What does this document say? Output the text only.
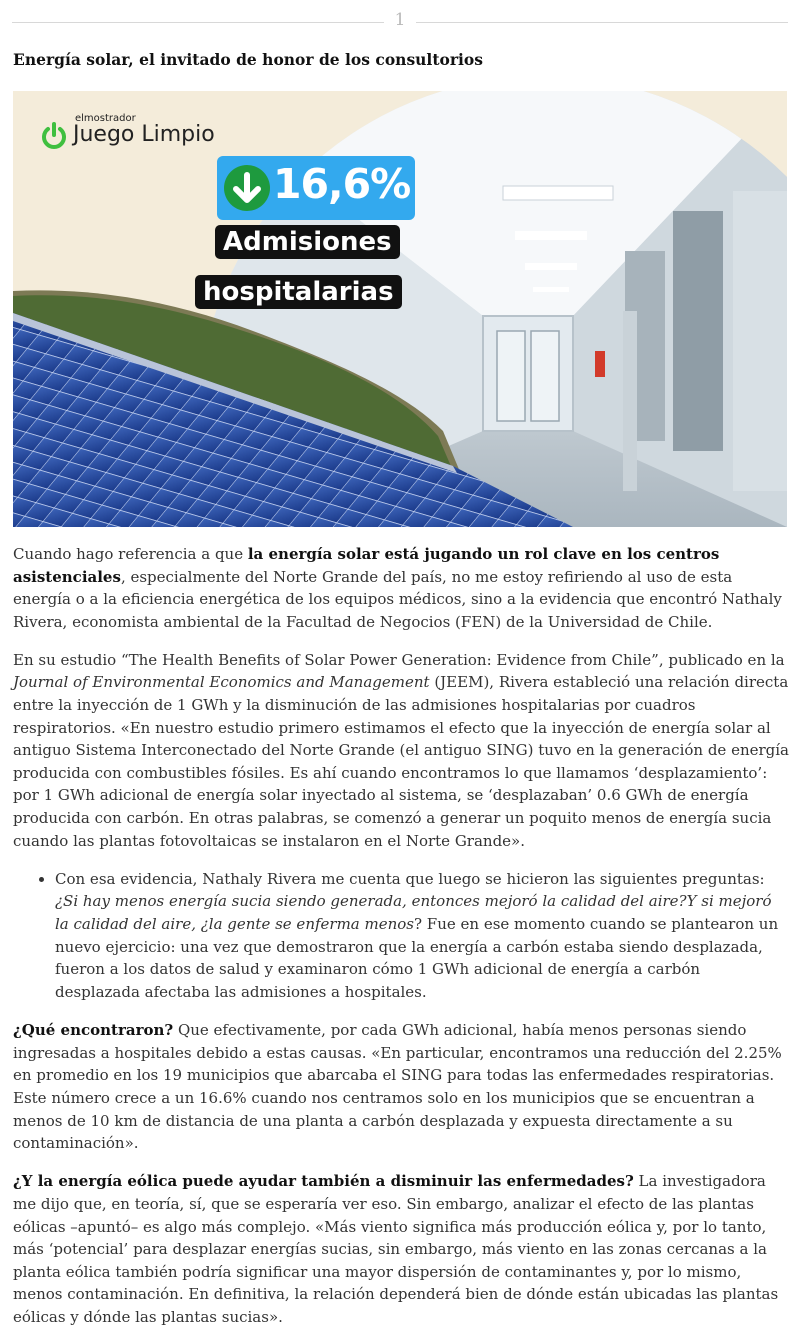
1
Energía solar, el invitado de honor de los consultorios
elmostrador
Juego Limpio
16,6%
Admisiones
hospitalarias

Cuando hago referencia a que la energía solar está jugando un rol clave en los centros asistenciales, especialmente del Norte Grande del país, no me estoy refiriendo al uso de esta energía o a la eficiencia energética de los equipos médicos, sino a la evidencia que encontró Nathaly Rivera, economista ambiental de la Facultad de Negocios (FEN) de la Universidad de Chile.

En su estudio “The Health Benefits of Solar Power Generation: Evidence from Chile”, publicado en la Journal of Environmental Economics and Management (JEEM), Rivera estableció una relación directa entre la inyección de 1 GWh y la disminución de las admisiones hospitalarias por cuadros respiratorios. «En nuestro estudio primero estimamos el efecto que la inyección de energía solar al antiguo Sistema Interconectado del Norte Grande (el antiguo SING) tuvo en la generación de energía producida con combustibles fósiles. Es ahí cuando encontramos lo que llamamos ‘desplazamiento’: por 1 GWh adicional de energía solar inyectado al sistema, se ‘desplazaban’ 0.6 GWh de energía producida con carbón. En otras palabras, se comenzó a generar un poquito menos de energía sucia cuando las plantas fotovoltaicas se instalaron en el Norte Grande».

• Con esa evidencia, Nathaly Rivera me cuenta que luego se hicieron las siguientes preguntas: ¿Si hay menos energía sucia siendo generada, entonces mejoró la calidad del aire?Y si mejoró la calidad del aire, ¿la gente se enferma menos? Fue en ese momento cuando se plantearon un nuevo ejercicio: una vez que demostraron que la energía a carbón estaba siendo desplazada, fueron a los datos de salud y examinaron cómo 1 GWh adicional de energía a carbón desplazada afectaba las admisiones a hospitales.

¿Qué encontraron? Que efectivamente, por cada GWh adicional, había menos personas siendo ingresadas a hospitales debido a estas causas. «En particular, encontramos una reducción del 2.25% en promedio en los 19 municipios que abarcaba el SING para todas las enfermedades respiratorias. Este número crece a un 16.6% cuando nos centramos solo en los municipios que se encuentran a menos de 10 km de distancia de una planta a carbón desplazada y expuesta directamente a su contaminación».

¿Y la energía eólica puede ayudar también a disminuir las enfermedades? La investigadora me dijo que, en teoría, sí, que se esperaría ver eso. Sin embargo, analizar el efecto de las plantas eólicas –apuntó– es algo más complejo. «Más viento significa más producción eólica y, por lo tanto, más ‘potencial’ para desplazar energías sucias, sin embargo, más viento en las zonas cercanas a la planta eólica también podría significar una mayor dispersión de contaminantes y, por lo mismo, menos contaminación. En definitiva, la relación dependerá bien de dónde están ubicadas las plantas eólicas y dónde las plantas sucias».
